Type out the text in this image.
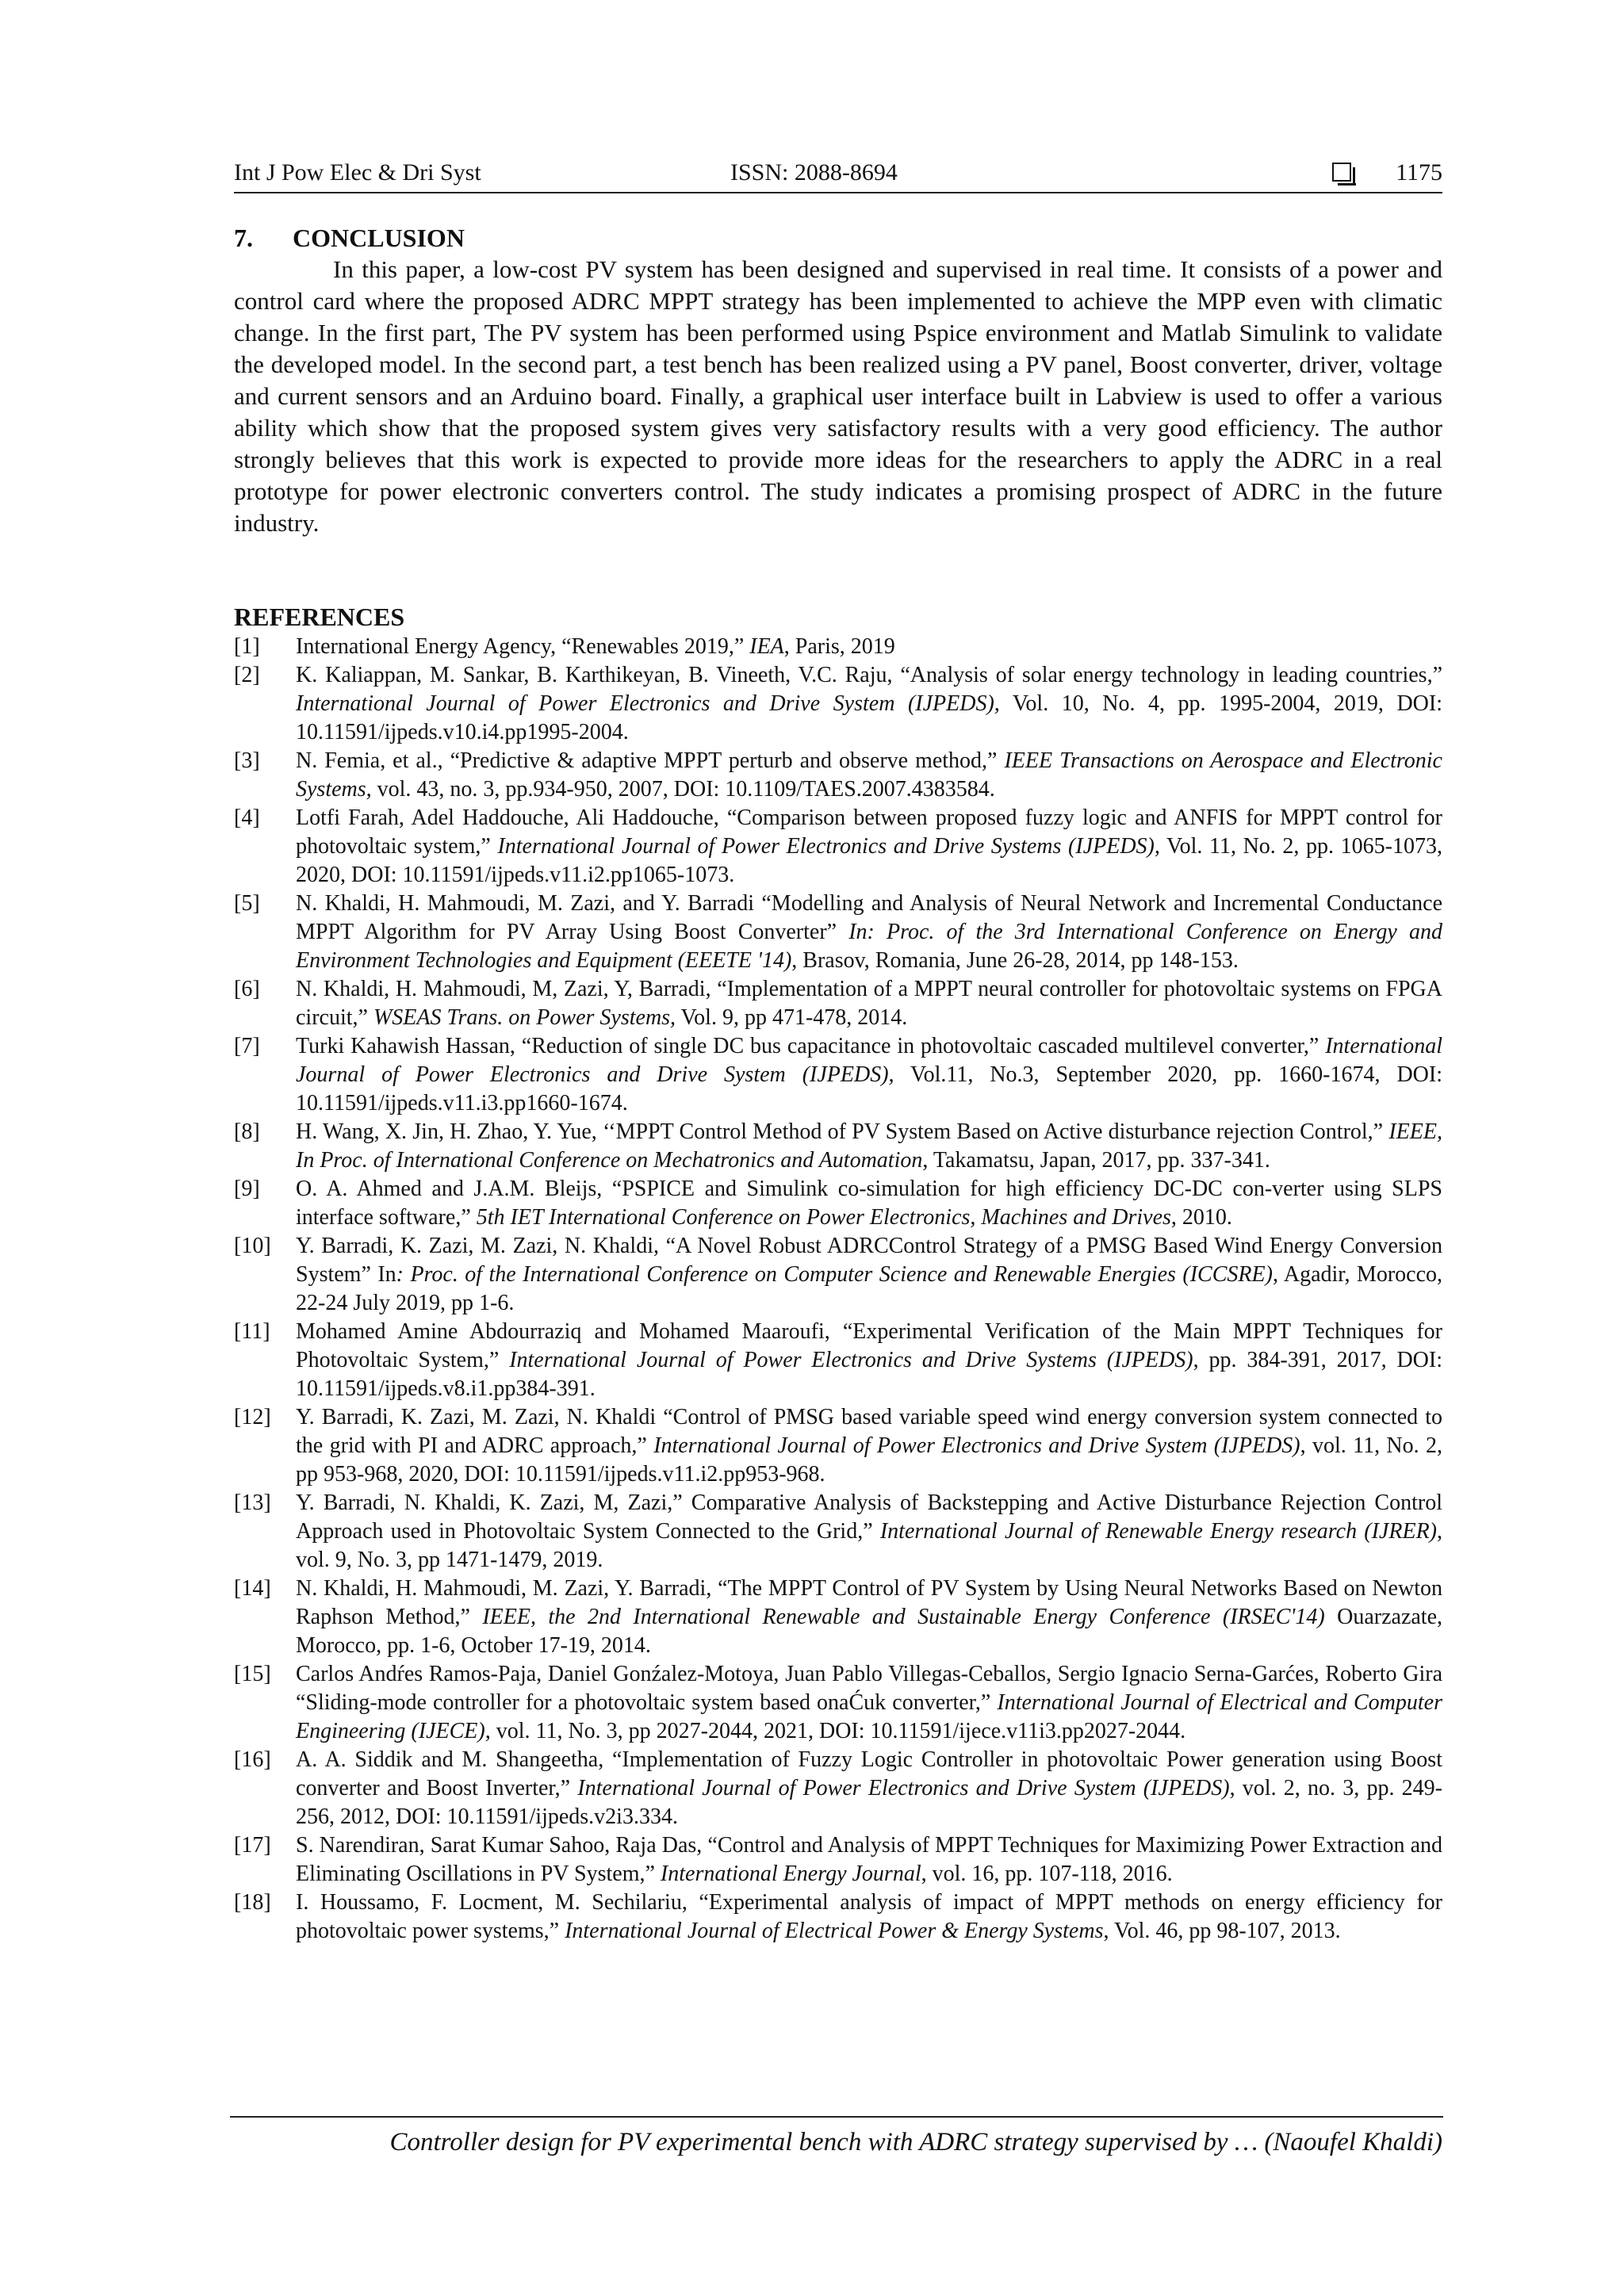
Int J Pow Elec & Dri Syst	ISSN: 2088-8694	1175
7. CONCLUSION

In this paper, a low-cost PV system has been designed and supervised in real time. It consists of a power and control card where the proposed ADRC MPPT strategy has been implemented to achieve the MPP even with climatic change. In the first part, The PV system has been performed using Pspice environment and Matlab Simulink to validate the developed model. In the second part, a test bench has been realized using a PV panel, Boost converter, driver, voltage and current sensors and an Arduino board. Finally, a graphical user interface built in Labview is used to offer a various ability which show that the proposed system gives very satisfactory results with a very good efficiency. The author strongly believes that this work is expected to provide more ideas for the researchers to apply the ADRC in a real prototype for power electronic converters control. The study indicates a promising prospect of ADRC in the future industry.

REFERENCES
[1] International Energy Agency, “Renewables 2019,” IEA, Paris, 2019
[2] K. Kaliappan, M. Sankar, B. Karthikeyan, B. Vineeth, V.C. Raju, “Analysis of solar energy technology in leading countries,” International Journal of Power Electronics and Drive System (IJPEDS), Vol. 10, No. 4, pp. 1995-2004, 2019, DOI: 10.11591/ijpeds.v10.i4.pp1995-2004.
[3] N. Femia, et al., “Predictive & adaptive MPPT perturb and observe method,” IEEE Transactions on Aerospace and Electronic Systems, vol. 43, no. 3, pp.934-950, 2007, DOI: 10.1109/TAES.2007.4383584.
[4] Lotfi Farah, Adel Haddouche, Ali Haddouche, “Comparison between proposed fuzzy logic and ANFIS for MPPT control for photovoltaic system,” International Journal of Power Electronics and Drive Systems (IJPEDS), Vol. 11, No. 2, pp. 1065-1073, 2020, DOI: 10.11591/ijpeds.v11.i2.pp1065-1073.
[5] N. Khaldi, H. Mahmoudi, M. Zazi, and Y. Barradi “Modelling and Analysis of Neural Network and Incremental Conductance MPPT Algorithm for PV Array Using Boost Converter” In: Proc. of the 3rd International Conference on Energy and Environment Technologies and Equipment (EEETE '14), Brasov, Romania, June 26-28, 2014, pp 148-153.
[6] N. Khaldi, H. Mahmoudi, M, Zazi, Y, Barradi, “Implementation of a MPPT neural controller for photovoltaic systems on FPGA circuit,” WSEAS Trans. on Power Systems, Vol. 9, pp 471-478, 2014.
[7] Turki Kahawish Hassan, “Reduction of single DC bus capacitance in photovoltaic cascaded multilevel converter,” International Journal of Power Electronics and Drive System (IJPEDS), Vol.11, No.3, September 2020, pp. 1660-1674, DOI: 10.11591/ijpeds.v11.i3.pp1660-1674.
[8] H. Wang, X. Jin, H. Zhao, Y. Yue, ‘‘MPPT Control Method of PV System Based on Active disturbance rejection Control,” IEEE, In Proc. of International Conference on Mechatronics and Automation, Takamatsu, Japan, 2017, pp. 337-341.
[9] O. A. Ahmed and J.A.M. Bleijs, “PSPICE and Simulink co-simulation for high efficiency DC-DC con-verter using SLPS interface software,” 5th IET International Conference on Power Electronics, Machines and Drives, 2010.
[10] Y. Barradi, K. Zazi, M. Zazi, N. Khaldi, “A Novel Robust ADRCControl Strategy of a PMSG Based Wind Energy Conversion System” In: Proc. of the International Conference on Computer Science and Renewable Energies (ICCSRE), Agadir, Morocco, 22-24 July 2019, pp 1-6.
[11] Mohamed Amine Abdourraziq and Mohamed Maaroufi, “Experimental Verification of the Main MPPT Techniques for Photovoltaic System,” International Journal of Power Electronics and Drive Systems (IJPEDS), pp. 384-391, 2017, DOI: 10.11591/ijpeds.v8.i1.pp384-391.
[12] Y. Barradi, K. Zazi, M. Zazi, N. Khaldi “Control of PMSG based variable speed wind energy conversion system connected to the grid with PI and ADRC approach,” International Journal of Power Electronics and Drive System (IJPEDS), vol. 11, No. 2, pp 953-968, 2020, DOI: 10.11591/ijpeds.v11.i2.pp953-968.
[13] Y. Barradi, N. Khaldi, K. Zazi, M, Zazi,” Comparative Analysis of Backstepping and Active Disturbance Rejection Control Approach used in Photovoltaic System Connected to the Grid,” International Journal of Renewable Energy research (IJRER), vol. 9, No. 3, pp 1471-1479, 2019.
[14] N. Khaldi, H. Mahmoudi, M. Zazi, Y. Barradi, “The MPPT Control of PV System by Using Neural Networks Based on Newton Raphson Method,” IEEE, the 2nd International Renewable and Sustainable Energy Conference (IRSEC'14) Ouarzazate, Morocco, pp. 1-6, October 17-19, 2014.
[15] Carlos Andŕes Ramos-Paja, Daniel Gonźalez-Motoya, Juan Pablo Villegas-Ceballos, Sergio Ignacio Serna-Garćes, Roberto Gira “Sliding-mode controller for a photovoltaic system based onaĆuk converter,” International Journal of Electrical and Computer Engineering (IJECE), vol. 11, No. 3, pp 2027-2044, 2021, DOI: 10.11591/ijece.v11i3.pp2027-2044.
[16] A. A. Siddik and M. Shangeetha, “Implementation of Fuzzy Logic Controller in photovoltaic Power generation using Boost converter and Boost Inverter,” International Journal of Power Electronics and Drive System (IJPEDS), vol. 2, no. 3, pp. 249-256, 2012, DOI: 10.11591/ijpeds.v2i3.334.
[17] S. Narendiran, Sarat Kumar Sahoo, Raja Das, “Control and Analysis of MPPT Techniques for Maximizing Power Extraction and Eliminating Oscillations in PV System,” International Energy Journal, vol. 16, pp. 107-118, 2016.
[18] I. Houssamo, F. Locment, M. Sechilariu, “Experimental analysis of impact of MPPT methods on energy efficiency for photovoltaic power systems,” International Journal of Electrical Power & Energy Systems, Vol. 46, pp 98-107, 2013.
Controller design for PV experimental bench with ADRC strategy supervised by … (Naoufel Khaldi)
